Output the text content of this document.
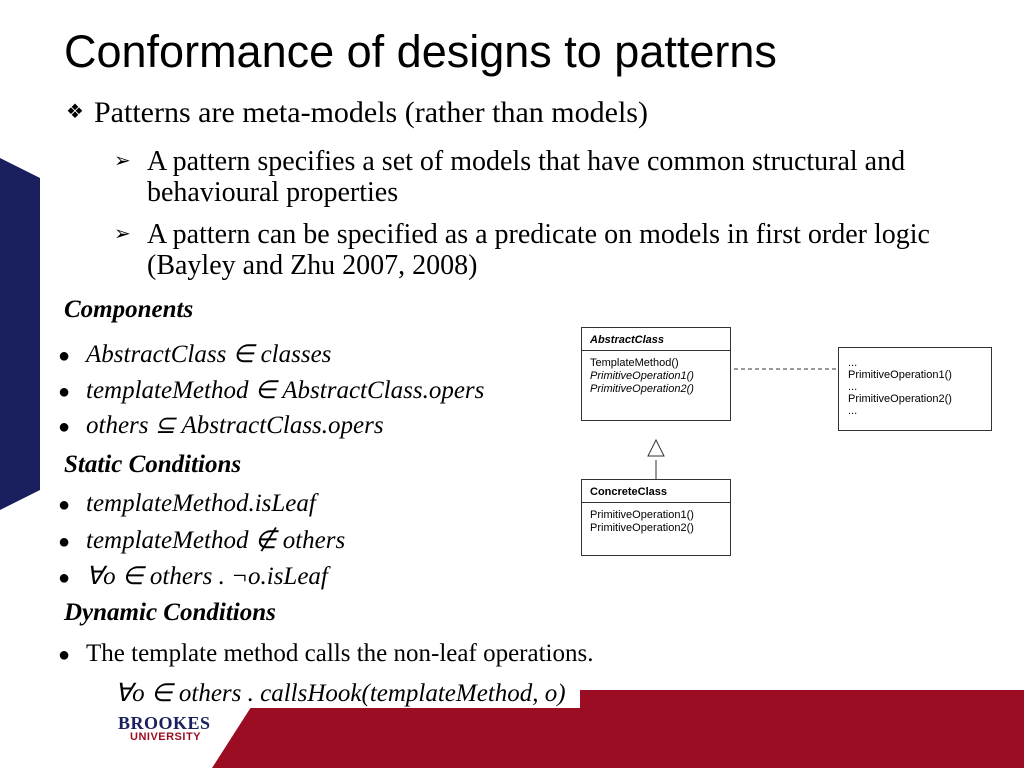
Conformance of designs to patterns
❖ Patterns are meta-models (rather than models)
➢ A pattern specifies a set of models that have common structural and behavioural properties
➢ A pattern can be specified as a predicate on models in first order logic (Bayley and Zhu 2007, 2008)
Components
● AbstractClass ∈ classes
● templateMethod ∈ AbstractClass.opers
● others ⊆ AbstractClass.opers
Static Conditions
● templateMethod.isLeaf
● templateMethod ∉ others
● ∀o ∈ others . ¬o.isLeaf
Dynamic Conditions
● The template method calls the non-leaf operations.
∀o ∈ others . callsHook(templateMethod, o)
AbstractClass
TemplateMethod()
PrimitiveOperation1()
PrimitiveOperation2()
ConcreteClass
PrimitiveOperation1()
PrimitiveOperation2()
...
PrimitiveOperation1()
...
PrimitiveOperation2()
...
BROOKES
UNIVERSITY
